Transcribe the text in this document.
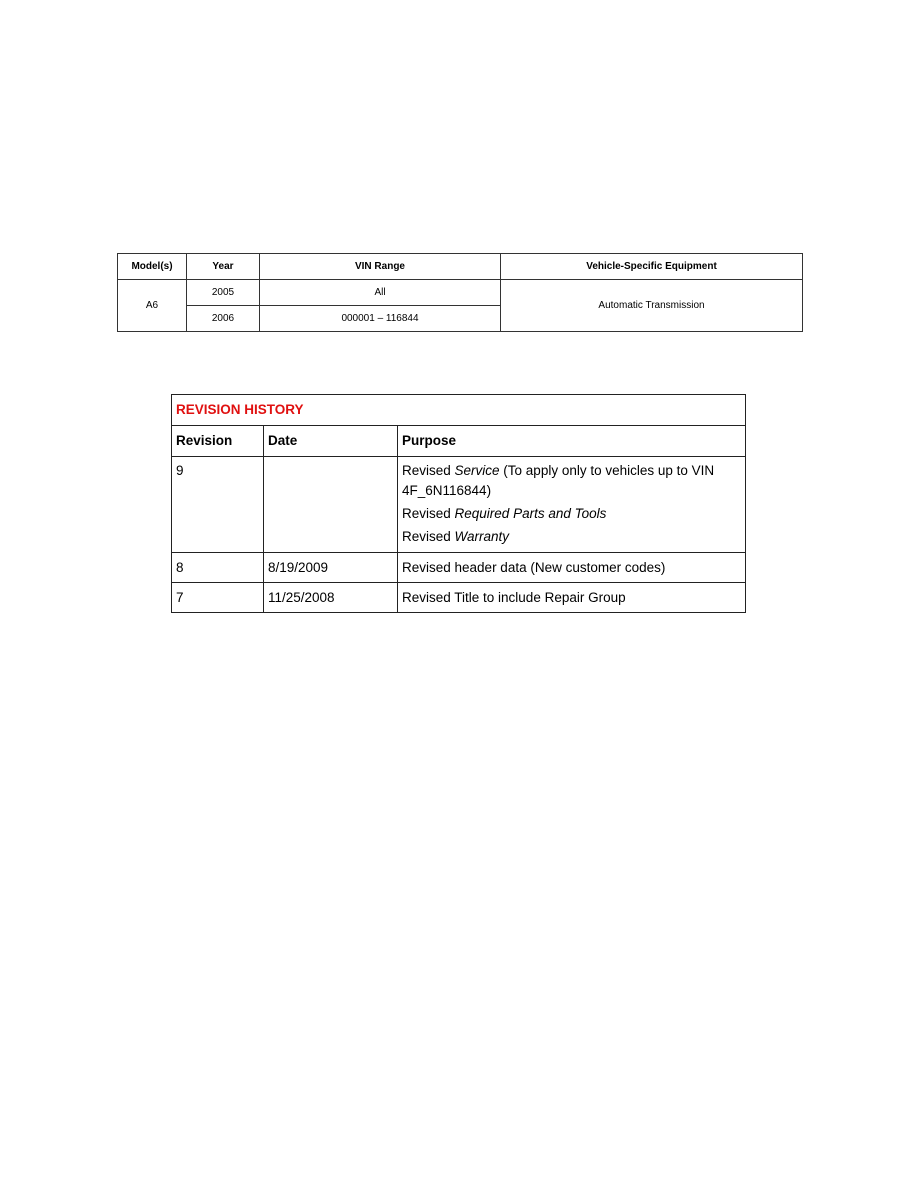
Model(s)	Year	VIN Range	Vehicle-Specific Equipment
A6	2005	All	Automatic Transmission
	2006	000001 – 116844	
REVISION HISTORY		
Revision	Date	Purpose
9		Revised Service (To apply only to vehicles up to VIN 4F_6N116844)
Revised Required Parts and Tools
Revised Warranty

8	8/19/2009	Revised header data (New customer codes)
7	11/25/2008	Revised Title to include Repair Group
